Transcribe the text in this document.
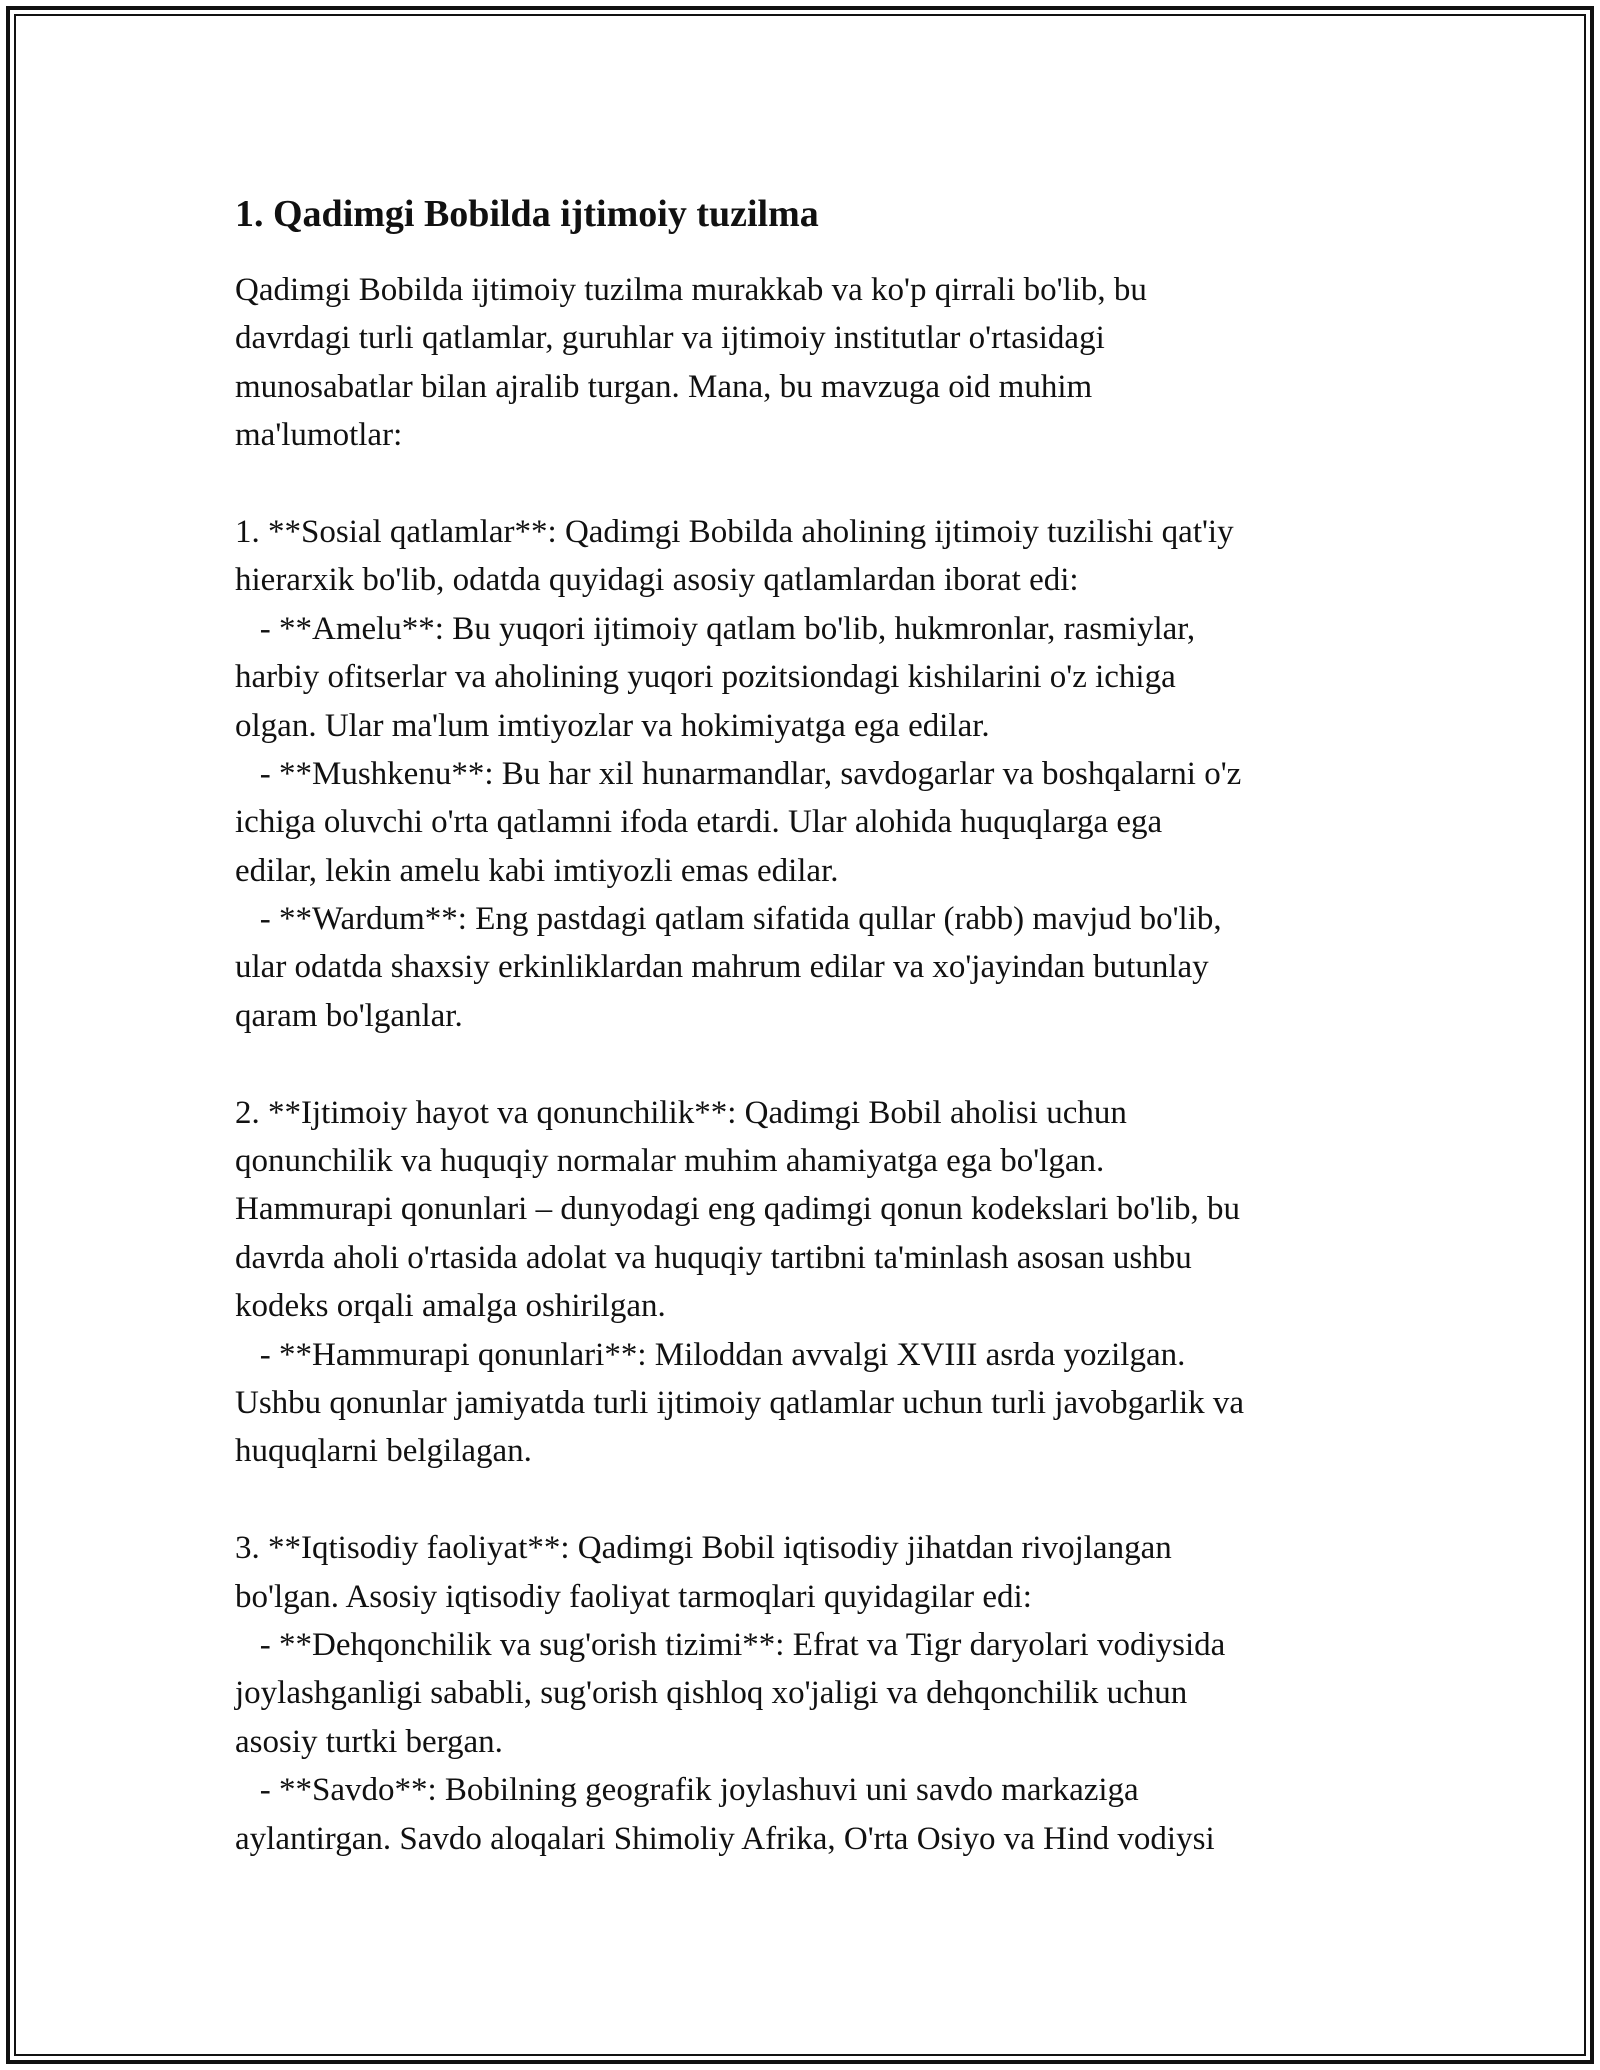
1. Qadimgi Bobilda ijtimoiy tuzilma
Qadimgi Bobilda ijtimoiy tuzilma murakkab va ko'p qirrali bo'lib, bu
davrdagi turli qatlamlar, guruhlar va ijtimoiy institutlar o'rtasidagi
munosabatlar bilan ajralib turgan. Mana, bu mavzuga oid muhim
ma'lumotlar:
1. **Sosial qatlamlar**: Qadimgi Bobilda aholining ijtimoiy tuzilishi qat'iy
hierarxik bo'lib, odatda quyidagi asosiy qatlamlardan iborat edi:
- **Amelu**: Bu yuqori ijtimoiy qatlam bo'lib, hukmronlar, rasmiylar,
harbiy ofitserlar va aholining yuqori pozitsiondagi kishilarini o'z ichiga
olgan. Ular ma'lum imtiyozlar va hokimiyatga ega edilar.
- **Mushkenu**: Bu har xil hunarmandlar, savdogarlar va boshqalarni o'z
ichiga oluvchi o'rta qatlamni ifoda etardi. Ular alohida huquqlarga ega
edilar, lekin amelu kabi imtiyozli emas edilar.
- **Wardum**: Eng pastdagi qatlam sifatida qullar (rabb) mavjud bo'lib,
ular odatda shaxsiy erkinliklardan mahrum edilar va xo'jayindan butunlay
qaram bo'lganlar.
2. **Ijtimoiy hayot va qonunchilik**: Qadimgi Bobil aholisi uchun
qonunchilik va huquqiy normalar muhim ahamiyatga ega bo'lgan.
Hammurapi qonunlari – dunyodagi eng qadimgi qonun kodekslari bo'lib, bu
davrda aholi o'rtasida adolat va huquqiy tartibni ta'minlash asosan ushbu
kodeks orqali amalga oshirilgan.
- **Hammurapi qonunlari**: Miloddan avvalgi XVIII asrda yozilgan.
Ushbu qonunlar jamiyatda turli ijtimoiy qatlamlar uchun turli javobgarlik va
huquqlarni belgilagan.
3. **Iqtisodiy faoliyat**: Qadimgi Bobil iqtisodiy jihatdan rivojlangan
bo'lgan. Asosiy iqtisodiy faoliyat tarmoqlari quyidagilar edi:
- **Dehqonchilik va sug'orish tizimi**: Efrat va Tigr daryolari vodiysida
joylashganligi sababli, sug'orish qishloq xo'jaligi va dehqonchilik uchun
asosiy turtki bergan.
- **Savdo**: Bobilning geografik joylashuvi uni savdo markaziga
aylantirgan. Savdo aloqalari Shimoliy Afrika, O'rta Osiyo va Hind vodiysi
